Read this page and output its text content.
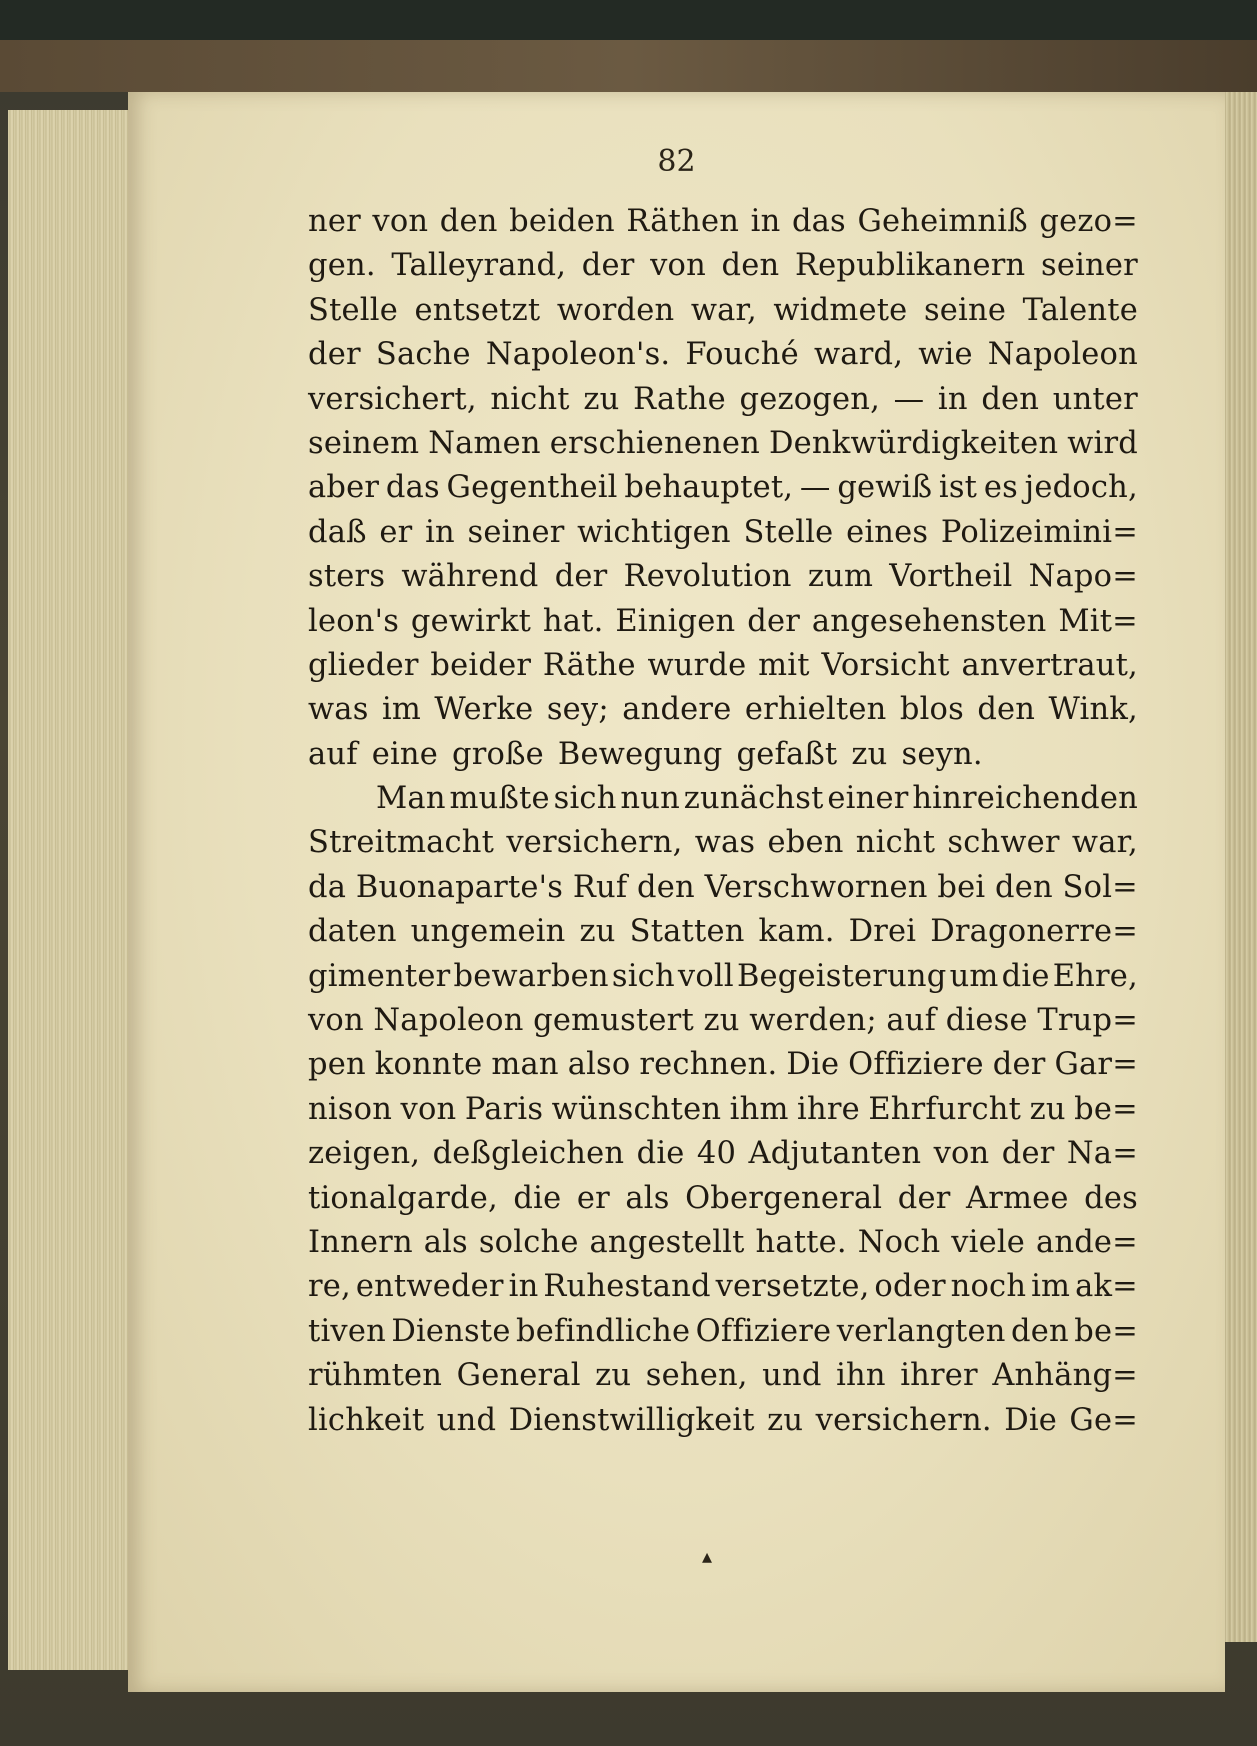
82
ner von den beiden Räthen in das Geheimniß gezo=
gen. Talleyrand, der von den Republikanern seiner
Stelle entsetzt worden war, widmete seine Talente
der Sache Napoleon's. Fouché ward, wie Napoleon
versichert, nicht zu Rathe gezogen, — in den unter
seinem Namen erschienenen Denkwürdigkeiten wird
aber das Gegentheil behauptet, — gewiß ist es jedoch,
daß er in seiner wichtigen Stelle eines Polizeimini=
sters während der Revolution zum Vortheil Napo=
leon's gewirkt hat. Einigen der angesehensten Mit=
glieder beider Räthe wurde mit Vorsicht anvertraut,
was im Werke sey; andere erhielten blos den Wink,
auf eine große Bewegung gefaßt zu seyn.
Man mußte sich nun zunächst einer hinreichenden
Streitmacht versichern, was eben nicht schwer war,
da Buonaparte's Ruf den Verschwornen bei den Sol=
daten ungemein zu Statten kam. Drei Dragonerre=
gimenter bewarben sich voll Begeisterung um die Ehre,
von Napoleon gemustert zu werden; auf diese Trup=
pen konnte man also rechnen. Die Offiziere der Gar=
nison von Paris wünschten ihm ihre Ehrfurcht zu be=
zeigen, deßgleichen die 40 Adjutanten von der Na=
tionalgarde, die er als Obergeneral der Armee des
Innern als solche angestellt hatte. Noch viele ande=
re, entweder in Ruhestand versetzte, oder noch im ak=
tiven Dienste befindliche Offiziere verlangten den be=
rühmten General zu sehen, und ihn ihrer Anhäng=
lichkeit und Dienstwilligkeit zu versichern. Die Ge=
▴
